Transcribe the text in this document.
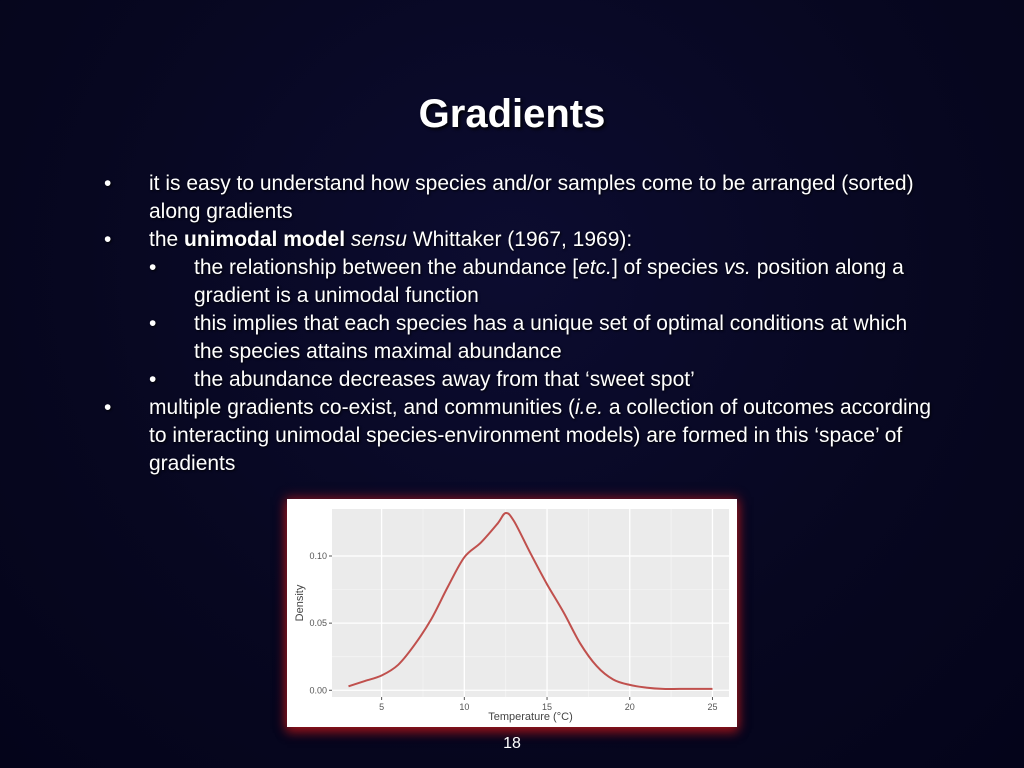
Gradients
• it is easy to understand how species and/or samples come to be arranged (sorted) along gradients
• the unimodal model sensu Whittaker (1967, 1969):
• the relationship between the abundance [etc.] of species vs. position along a gradient is a unimodal function
• this implies that each species has a unique set of optimal conditions at which the species attains maximal abundance
• the abundance decreases away from that ‘sweet spot’
• multiple gradients co-exist, and communities (i.e. a collection of outcomes according to interacting unimodal species-environment models) are formed in this ‘space’ of gradients
5	10	15	20	25
0.00
0.05
0.10
Temperature (°C)
Density
18
